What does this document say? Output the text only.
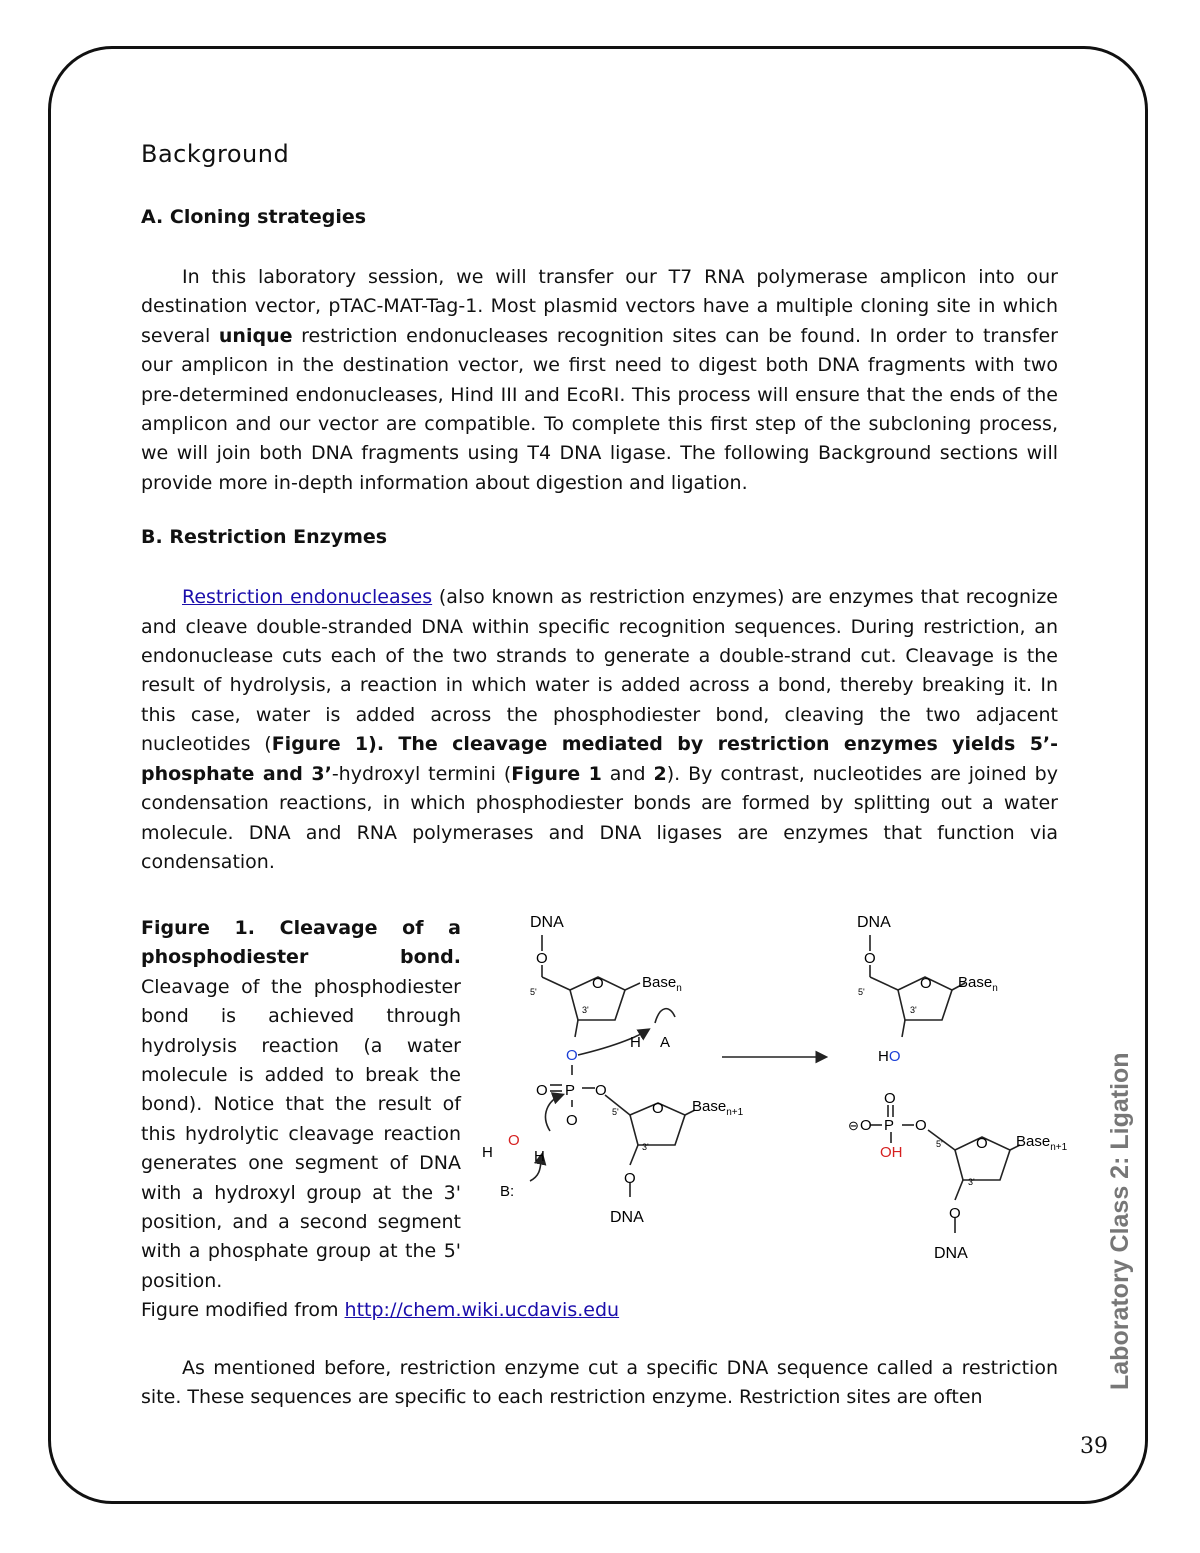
Background
A. Cloning strategies

In this laboratory session, we will transfer our T7 RNA polymerase amplicon into our destination vector, pTAC-MAT-Tag-1. Most plasmid vectors have a multiple cloning site in which several unique restriction endonucleases recognition sites can be found. In order to transfer our amplicon in the destination vector, we first need to digest both DNA fragments with two pre-determined endonucleases, Hind III and EcoRI. This process will ensure that the ends of the amplicon and our vector are compatible. To complete this first step of the subcloning process, we will join both DNA fragments using T4 DNA ligase. The following Background sections will provide more in-depth information about digestion and ligation.

B. Restriction Enzymes

Restriction endonucleases (also known as restriction enzymes) are enzymes that recognize and cleave double-stranded DNA within specific recognition sequences. During restriction, an endonuclease cuts each of the two strands to generate a double-strand cut. Cleavage is the result of hydrolysis, a reaction in which water is added across a bond, thereby breaking it. In this case, water is added across the phosphodiester bond, cleaving the two adjacent nucleotides (Figure 1). The cleavage mediated by restriction enzymes yields 5’-phosphate and 3’-hydroxyl termini (Figure 1 and 2). By contrast, nucleotides are joined by condensation reactions, in which phosphodiester bonds are formed by splitting out a water molecule. DNA and RNA polymerases and DNA ligases are enzymes that function via condensation.

Figure 1. Cleavage of a phosphodiester bond. Cleavage of the phosphodiester bond is achieved through hydrolysis reaction (a water molecule is added to break the bond). Notice that the result of this hydrolytic cleavage reaction generates one segment of DNA with a hydroxyl group at the 3' position, and a second segment with a phosphate group at the 5' position.
Figure modified from http://chem.wiki.ucdavis.edu
DNA
O
5'
3'
O	Base$_n$
O
H A
O P O
O	5'
3'
O Base$_{n+1}$
H
O
H
B:
O
DNA
DNA
O
5'
3'
O Base$_n$
HO
O
⊖ O P O
OH	5'
3'
O Base$_{n+1}$
O
DNA

As mentioned before, restriction enzyme cut a specific DNA sequence called a restriction site. These sequences are specific to each restriction enzyme. Restriction sites are often

Laboratory Class 2: Ligation
39
